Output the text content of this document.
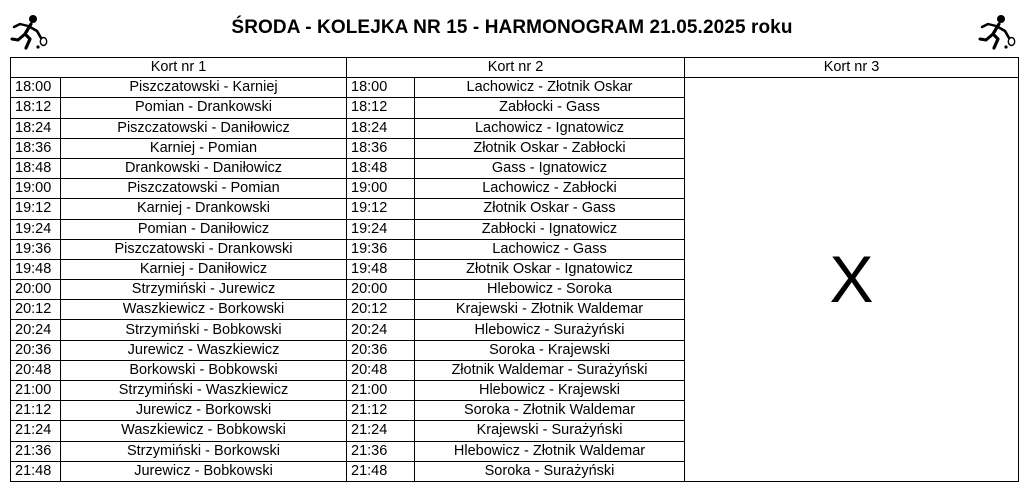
ŚRODA - KOLEJKA NR 15 - HARMONOGRAM 21.05.2025 roku
Kort nr 1		Kort nr 2		Kort nr 3
18:00	Piszczatowski - Karniej	18:00	Lachowicz - Złotnik Oskar	X
18:12	Pomian - Drankowski	18:12	Zabłocki - Gass	
18:24	Piszczatowski - Daniłowicz	18:24	Lachowicz - Ignatowicz	
18:36	Karniej - Pomian	18:36	Złotnik Oskar - Zabłocki	
18:48	Drankowski - Daniłowicz	18:48	Gass - Ignatowicz	
19:00	Piszczatowski - Pomian	19:00	Lachowicz - Zabłocki	
19:12	Karniej - Drankowski	19:12	Złotnik Oskar - Gass	
19:24	Pomian - Daniłowicz	19:24	Zabłocki - Ignatowicz	
19:36	Piszczatowski - Drankowski	19:36	Lachowicz - Gass	
19:48	Karniej - Daniłowicz	19:48	Złotnik Oskar - Ignatowicz	
20:00	Strzymiński - Jurewicz	20:00	Hlebowicz - Soroka	
20:12	Waszkiewicz - Borkowski	20:12	Krajewski - Złotnik Waldemar	
20:24	Strzymiński - Bobkowski	20:24	Hlebowicz - Surażyński	
20:36	Jurewicz - Waszkiewicz	20:36	Soroka - Krajewski	
20:48	Borkowski - Bobkowski	20:48	Złotnik Waldemar - Surażyński	
21:00	Strzymiński - Waszkiewicz	21:00	Hlebowicz - Krajewski	
21:12	Jurewicz - Borkowski	21:12	Soroka - Złotnik Waldemar	
21:24	Waszkiewicz - Bobkowski	21:24	Krajewski - Surażyński	
21:36	Strzymiński - Borkowski	21:36	Hlebowicz - Złotnik Waldemar	
21:48	Jurewicz - Bobkowski	21:48	Soroka - Surażyński	
